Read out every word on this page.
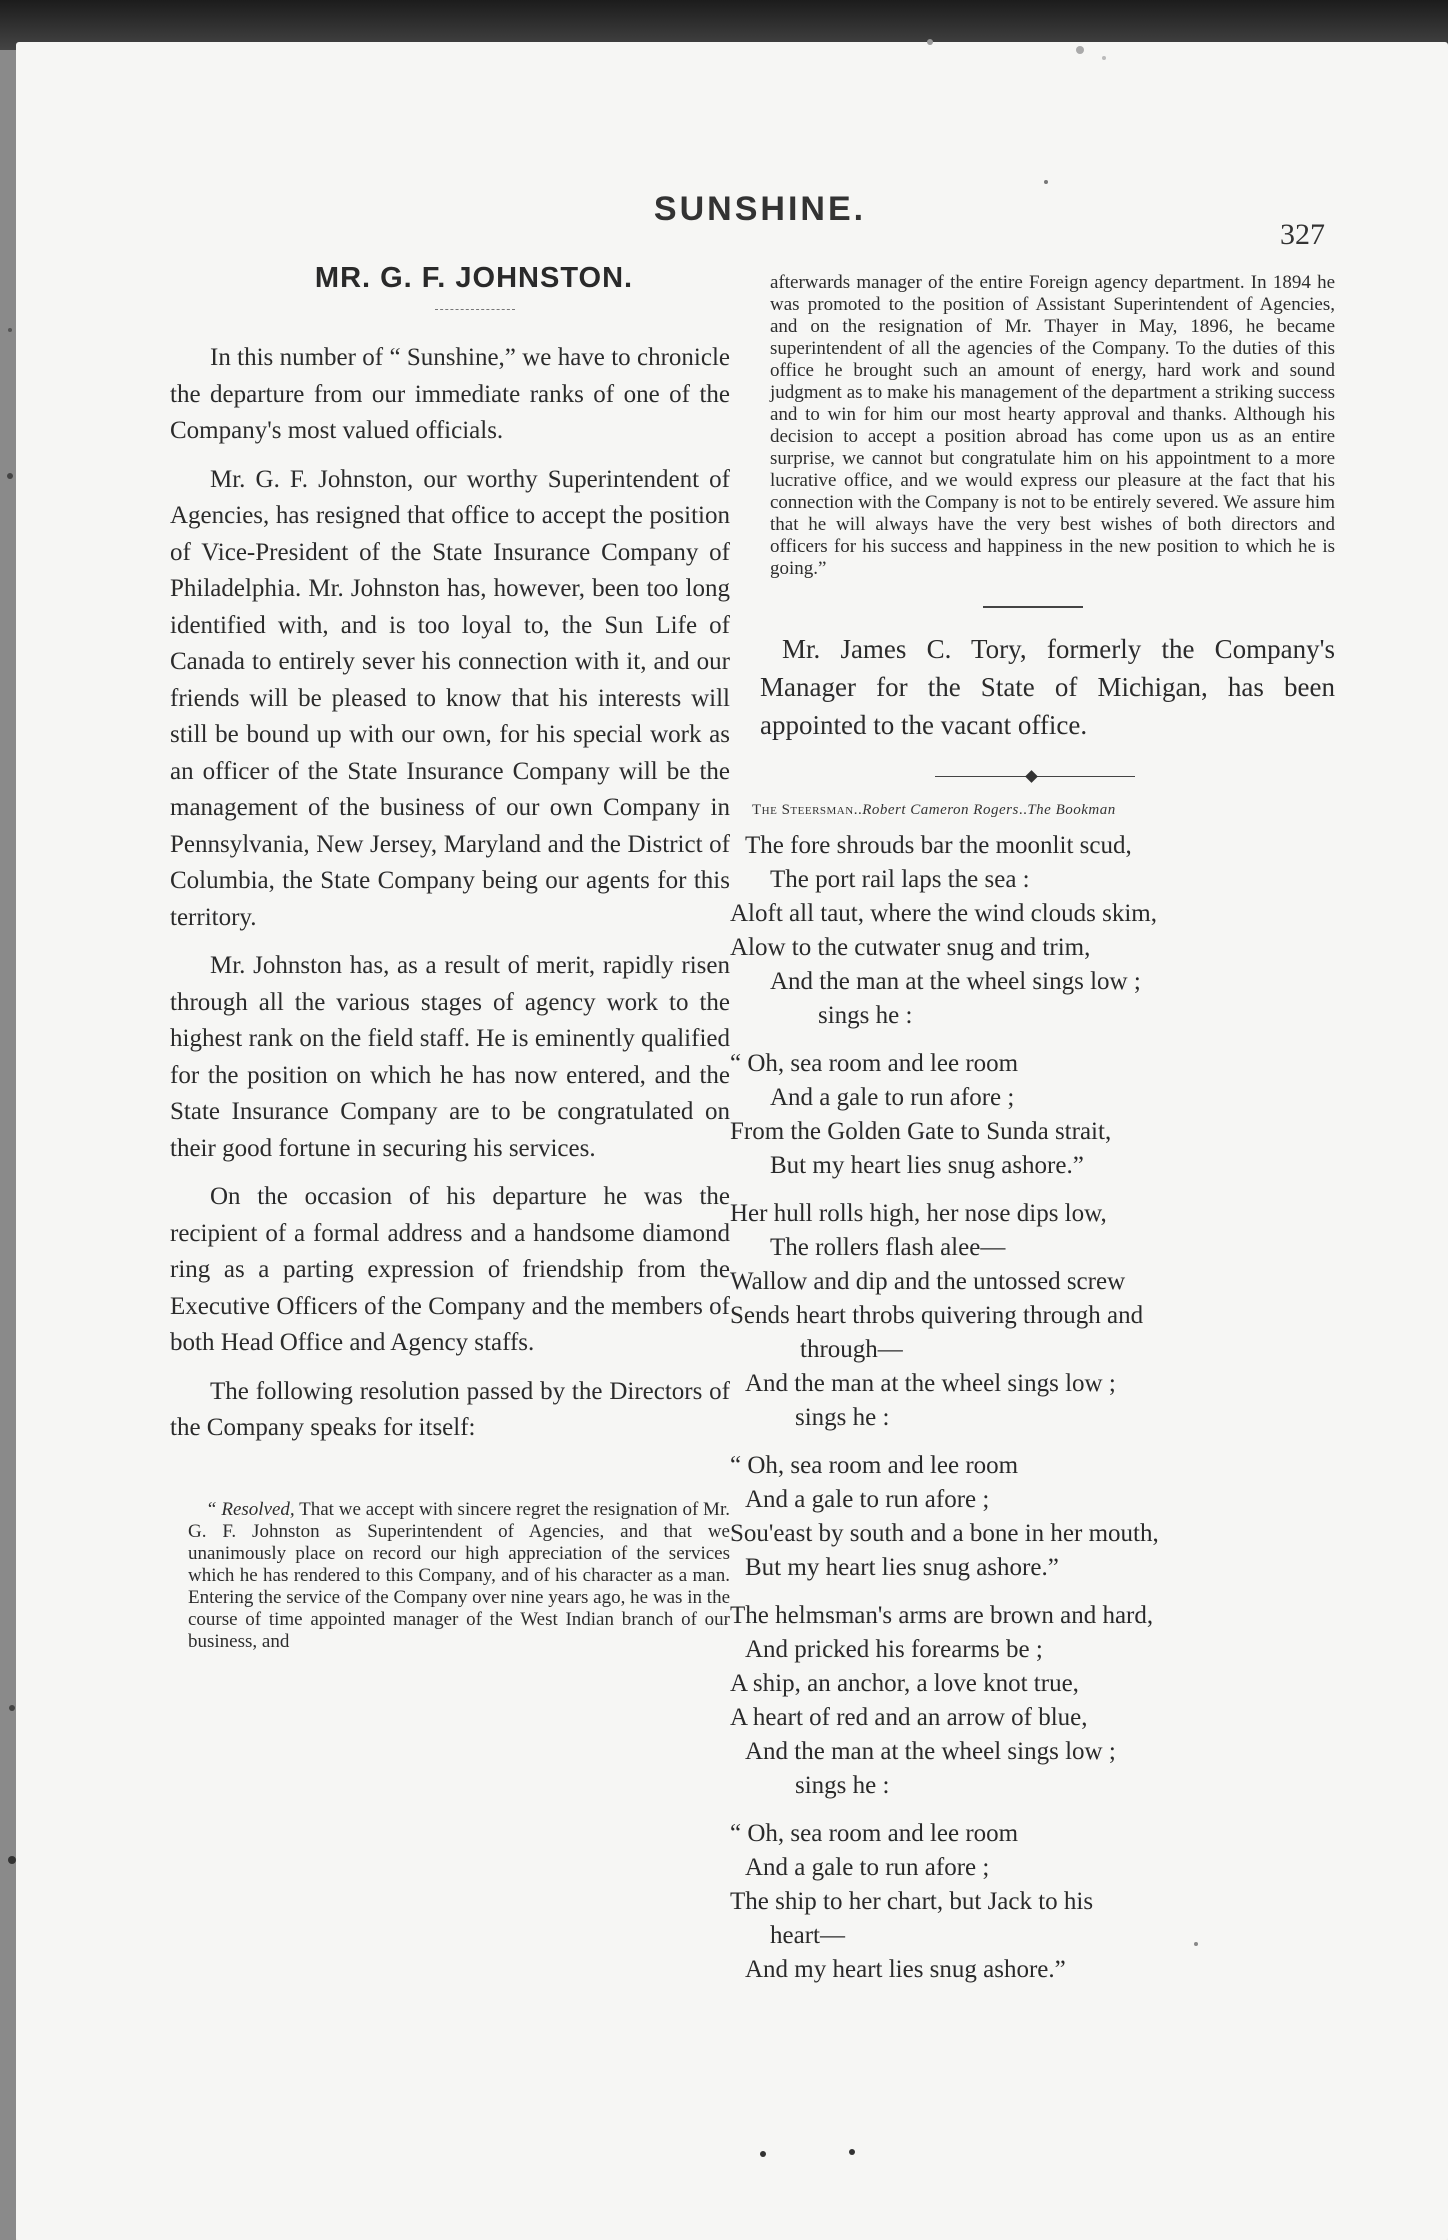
SUNSHINE.
327
MR. G. F. JOHNSTON.

In this number of “ Sunshine,” we have to chronicle the departure from our immediate ranks of one of the Company's most valued officials.

Mr. G. F. Johnston, our worthy Superintendent of Agencies, has resigned that office to accept the position of Vice-President of the State Insurance Company of Philadelphia. Mr. Johnston has, however, been too long identified with, and is too loyal to, the Sun Life of Canada to entirely sever his connection with it, and our friends will be pleased to know that his interests will still be bound up with our own, for his special work as an officer of the State Insurance Company will be the management of the business of our own Company in Pennsylvania, New Jersey, Maryland and the District of Columbia, the State Company being our agents for this territory.

Mr. Johnston has, as a result of merit, rapidly risen through all the various stages of agency work to the highest rank on the field staff. He is eminently qualified for the position on which he has now entered, and the State Insurance Company are to be congratulated on their good fortune in securing his services.

On the occasion of his departure he was the recipient of a formal address and a handsome diamond ring as a parting expression of friendship from the Executive Officers of the Company and the members of both Head Office and Agency staffs.

The following resolution passed by the Directors of the Company speaks for itself:

“ Resolved, That we accept with sincere regret the resignation of Mr. G. F. Johnston as Superintendent of Agencies, and that we unanimously place on record our high appreciation of the services which he has rendered to this Company, and of his character as a man. Entering the service of the Company over nine years ago, he was in the course of time appointed manager of the West Indian branch of our business, and

afterwards manager of the entire Foreign agency department. In 1894 he was promoted to the position of Assistant Superintendent of Agencies, and on the resignation of Mr. Thayer in May, 1896, he became superintendent of all the agencies of the Company. To the duties of this office he brought such an amount of energy, hard work and sound judgment as to make his management of the department a striking success and to win for him our most hearty approval and thanks. Although his decision to accept a position abroad has come upon us as an entire surprise, we cannot but congratulate him on his appointment to a more lucrative office, and we would express our pleasure at the fact that his connection with the Company is not to be entirely severed. We assure him that he will always have the very best wishes of both directors and officers for his success and happiness in the new position to which he is going.”

Mr. James C. Tory, formerly the Company's Manager for the State of Michigan, has been appointed to the vacant office.

The Steersman..Robert Cameron Rogers..The Bookman
The fore shrouds bar the moonlit scud,
The port rail laps the sea :
Aloft all taut, where the wind clouds skim,
Alow to the cutwater snug and trim,
And the man at the wheel sings low ;
sings he :
“ Oh, sea room and lee room
And a gale to run afore ;
From the Golden Gate to Sunda strait,
But my heart lies snug ashore.”
Her hull rolls high, her nose dips low,
The rollers flash alee—
Wallow and dip and the untossed screw
Sends heart throbs quivering through and
through—
And the man at the wheel sings low ;
sings he :
“ Oh, sea room and lee room
And a gale to run afore ;
Sou'east by south and a bone in her mouth,
But my heart lies snug ashore.”
The helmsman's arms are brown and hard,
And pricked his forearms be ;
A ship, an anchor, a love knot true,
A heart of red and an arrow of blue,
And the man at the wheel sings low ;
sings he :
“ Oh, sea room and lee room
And a gale to run afore ;
The ship to her chart, but Jack to his
heart—
And my heart lies snug ashore.”
